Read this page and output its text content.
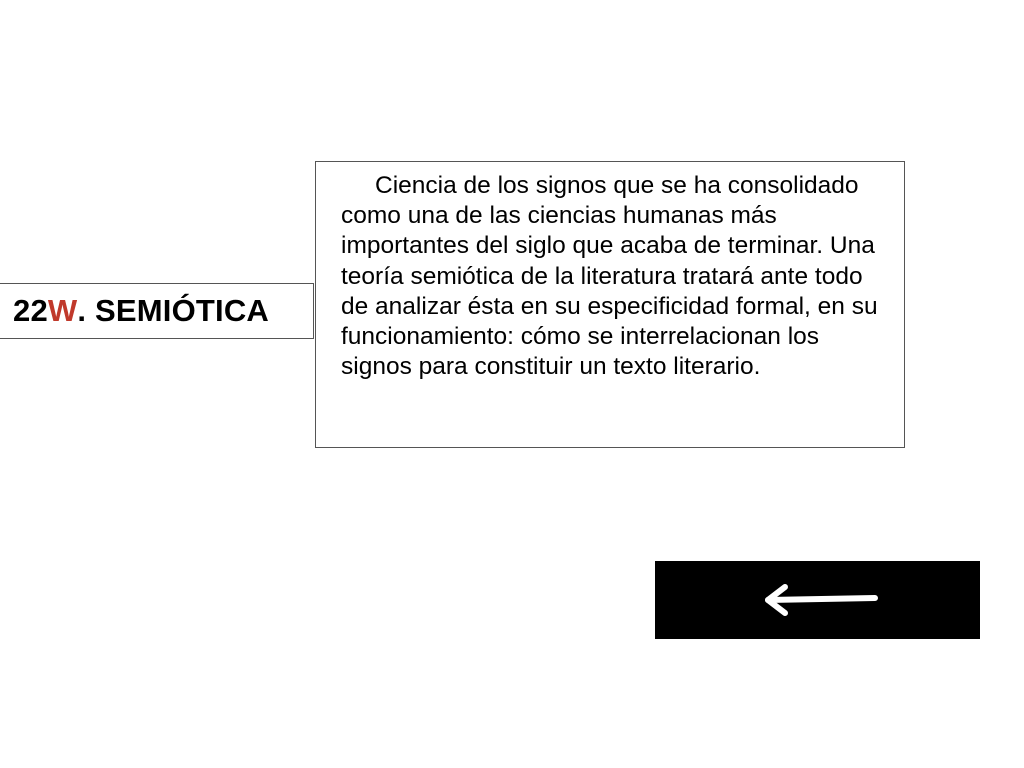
22 W . SEMIÓTICA

Ciencia de los signos que se ha consolidado como una de las ciencias humanas más importantes del siglo que acaba de terminar. Una teoría semiótica de la literatura tratará ante todo de analizar ésta en su especificidad formal, en su funcionamiento: cómo se interrelacionan los signos para constituir un texto literario.
